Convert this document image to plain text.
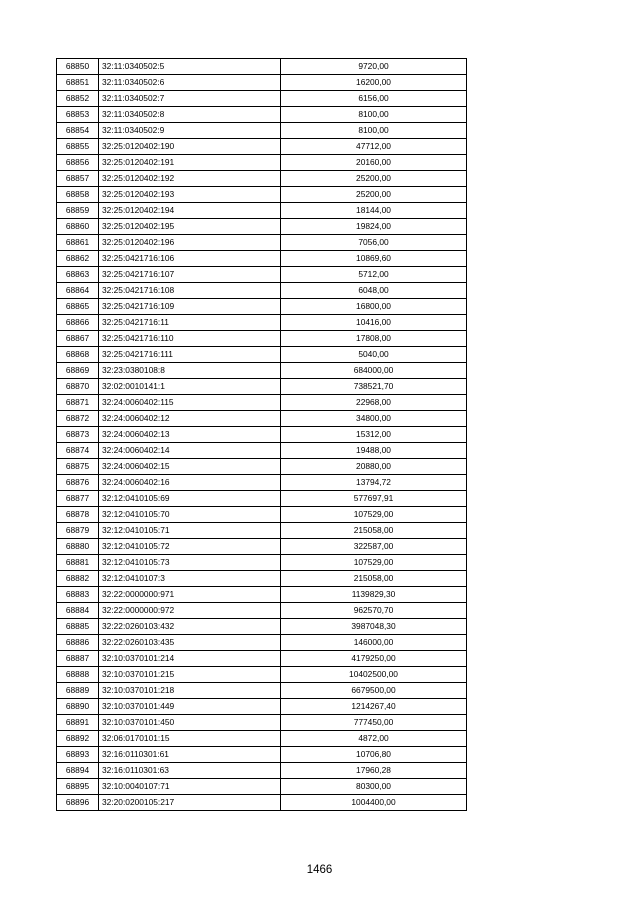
68850	32:11:0340502:5	9720,00
68851	32:11:0340502:6	16200,00
68852	32:11:0340502:7	6156,00
68853	32:11:0340502:8	8100,00
68854	32:11:0340502:9	8100,00
68855	32:25:0120402:190	47712,00
68856	32:25:0120402:191	20160,00
68857	32:25:0120402:192	25200,00
68858	32:25:0120402:193	25200,00
68859	32:25:0120402:194	18144,00
68860	32:25:0120402:195	19824,00
68861	32:25:0120402:196	7056,00
68862	32:25:0421716:106	10869,60
68863	32:25:0421716:107	5712,00
68864	32:25:0421716:108	6048,00
68865	32:25:0421716:109	16800,00
68866	32:25:0421716:11	10416,00
68867	32:25:0421716:110	17808,00
68868	32:25:0421716:111	5040,00
68869	32:23:0380108:8	684000,00
68870	32:02:0010141:1	738521,70
68871	32:24:0060402:115	22968,00
68872	32:24:0060402:12	34800,00
68873	32:24:0060402:13	15312,00
68874	32:24:0060402:14	19488,00
68875	32:24:0060402:15	20880,00
68876	32:24:0060402:16	13794,72
68877	32:12:0410105:69	577697,91
68878	32:12:0410105:70	107529,00
68879	32:12:0410105:71	215058,00
68880	32:12:0410105:72	322587,00
68881	32:12:0410105:73	107529,00
68882	32:12:0410107:3	215058,00
68883	32:22:0000000:971	1139829,30
68884	32:22:0000000:972	962570,70
68885	32:22:0260103:432	3987048,30
68886	32:22:0260103:435	146000,00
68887	32:10:0370101:214	4179250,00
68888	32:10:0370101:215	10402500,00
68889	32:10:0370101:218	6679500,00
68890	32:10:0370101:449	1214267,40
68891	32:10:0370101:450	777450,00
68892	32:06:0170101:15	4872,00
68893	32:16:0110301:61	10706,80
68894	32:16:0110301:63	17960,28
68895	32:10:0040107:71	80300,00
68896	32:20:0200105:217	1004400,00
1466
